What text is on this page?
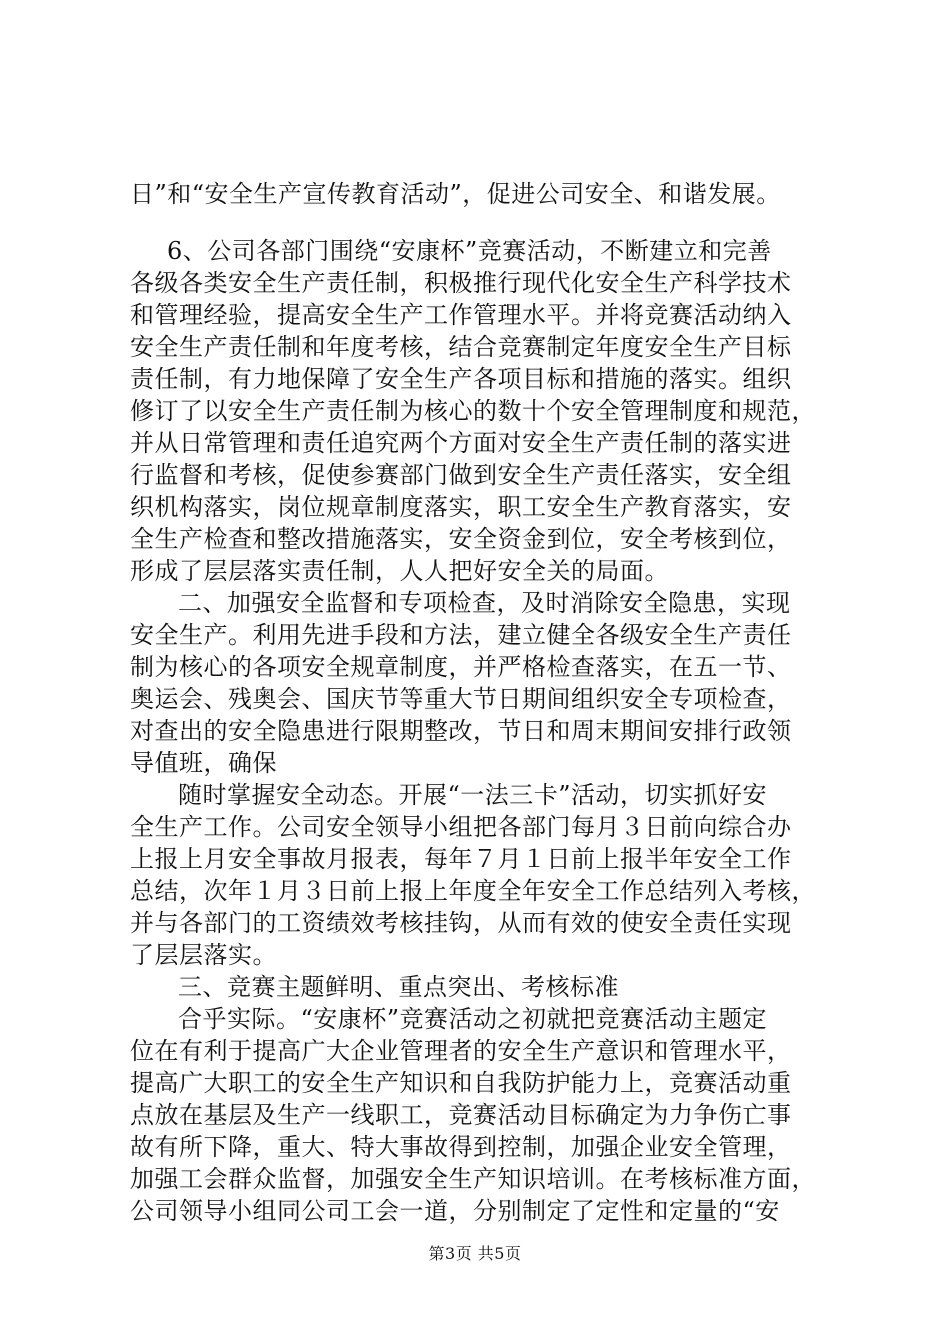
日”和“安全生产宣传教育活动”，促进公司安全、和谐发展。
6、公司各部门围绕“安康杯”竞赛活动，不断建立和完善
各级各类安全生产责任制，积极推行现代化安全生产科学技术
和管理经验，提高安全生产工作管理水平。并将竞赛活动纳入
安全生产责任制和年度考核，结合竞赛制定年度安全生产目标
责任制，有力地保障了安全生产各项目标和措施的落实。组织
修订了以安全生产责任制为核心的数十个安全管理制度和规范，
并从日常管理和责任追究两个方面对安全生产责任制的落实进
行监督和考核，促使参赛部门做到安全生产责任落实，安全组
织机构落实，岗位规章制度落实，职工安全生产教育落实，安
全生产检查和整改措施落实，安全资金到位，安全考核到位，
形成了层层落实责任制，人人把好安全关的局面。
二、加强安全监督和专项检查，及时消除安全隐患，实现
安全生产。利用先进手段和方法，建立健全各级安全生产责任
制为核心的各项安全规章制度，并严格检查落实，在五一节、
奥运会、残奥会、国庆节等重大节日期间组织安全专项检查，
对查出的安全隐患进行限期整改，节日和周末期间安排行政领
导值班，确保
随时掌握安全动态。开展“一法三卡”活动，切实抓好安
全生产工作。公司安全领导小组把各部门每月３日前向综合办
上报上月安全事故月报表，每年７月１日前上报半年安全工作
总结，次年１月３日前上报上年度全年安全工作总结列入考核，
并与各部门的工资绩效考核挂钩，从而有效的使安全责任实现
了层层落实。
三、竞赛主题鲜明、重点突出、考核标准
合乎实际。“安康杯”竞赛活动之初就把竞赛活动主题定
位在有利于提高广大企业管理者的安全生产意识和管理水平，
提高广大职工的安全生产知识和自我防护能力上，竞赛活动重
点放在基层及生产一线职工，竞赛活动目标确定为力争伤亡事
故有所下降，重大、特大事故得到控制，加强企业安全管理，
加强工会群众监督，加强安全生产知识培训。在考核标准方面，
公司领导小组同公司工会一道，分别制定了定性和定量的“安
第3页 共5页
